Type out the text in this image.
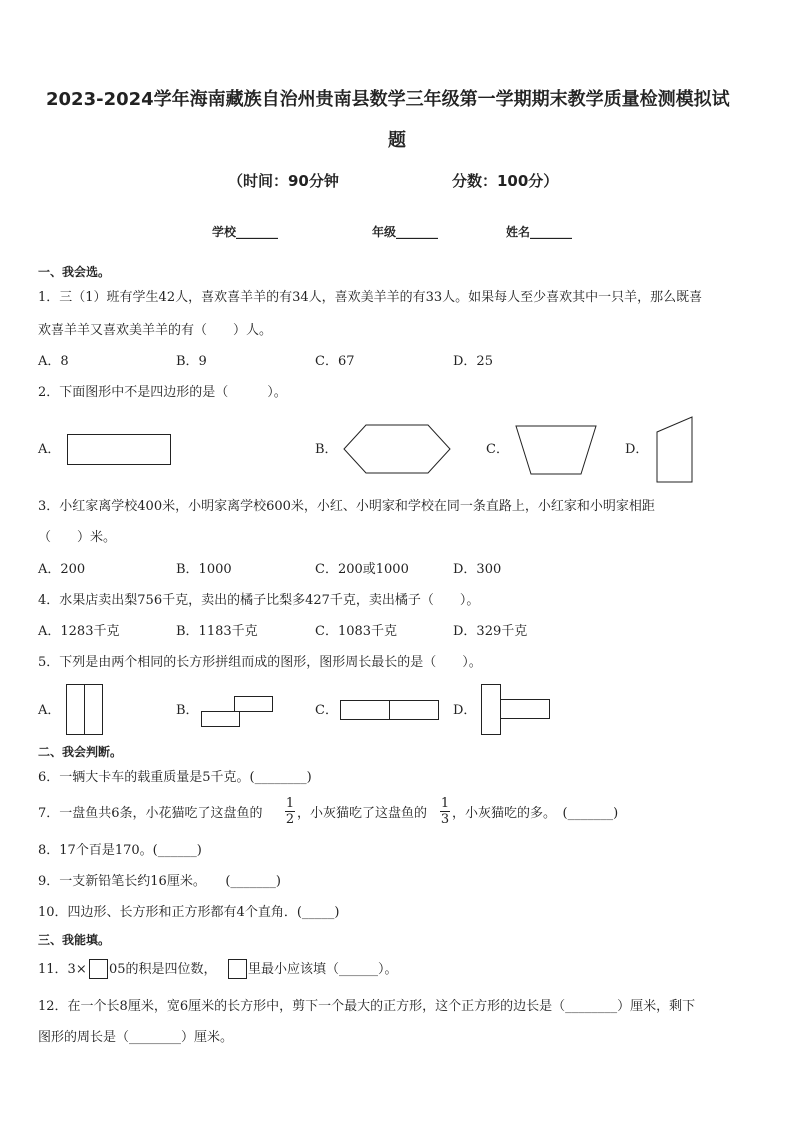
2023-2024学年海南藏族自治州贵南县数学三年级第一学期期末教学质量检测模拟试
题
（时间：90分钟	分数：100分）
学校_______	年级_______	姓名_______
一、我会选。
1．三（1）班有学生42人，喜欢喜羊羊的有34人，喜欢美羊羊的有33人。如果每人至少喜欢其中一只羊，那么既喜
欢喜羊羊又喜欢美羊羊的有（　　）人。
A．8	B．9	C．67	D．25
2．下面图形中不是四边形的是（　　　）。
A．	B．	C．	D．
3．小红家离学校400米，小明家离学校600米，小红、小明家和学校在同一条直路上，小红家和小明家相距
（　　）米。
A．200	B．1000	C．200或1000	D．300
4．水果店卖出梨756千克，卖出的橘子比梨多427千克，卖出橘子（　　）。
A．1283千克	B．1183千克	C．1083千克	D．329千克
5．下列是由两个相同的长方形拼组而成的图形，图形周长最长的是（　　）。
A．	B．	C．	D．
二、我会判断。
6．一辆大卡车的载重质量是5千克。(________)
7．一盘鱼共6条，小花猫吃了这盘鱼的
1
2 ，小灰猫吃了这盘鱼的
1
3 ，小灰猫吃的多。　(_______)
8．17个百是170。(______)
9．一支新铅笔长约16厘米。　　(_______)
10．四边形、长方形和正方形都有4个直角．(_____)
三、我能填。
11．3× 05的积是四位数， 里最小应该填（______）。
12．在一个长8厘米，宽6厘米的长方形中，剪下一个最大的正方形，这个正方形的边长是（________）厘米，剩下
图形的周长是（________）厘米。
